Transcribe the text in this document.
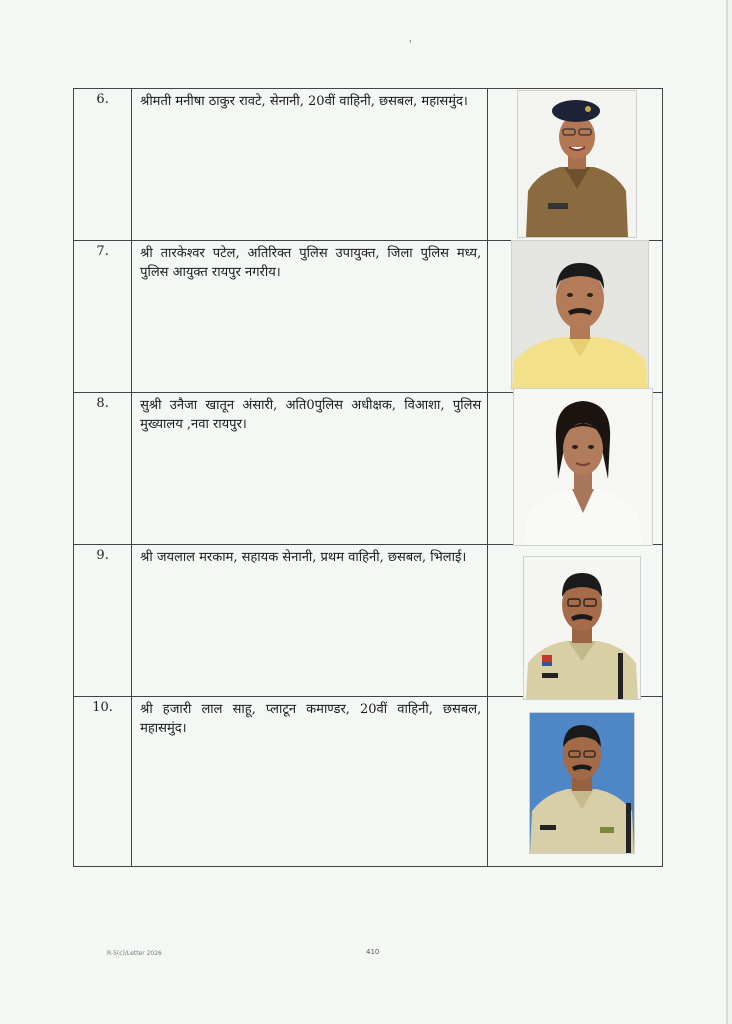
'
6.	श्रीमती मनीषा ठाकुर रावटे, सेनानी, 20वीं वाहिनी, छसबल, महासमुंद।	

7.	श्री तारकेश्वर पटेल, अतिरिक्त पुलिस उपायुक्त, जिला पुलिस मध्य, पुलिस आयुक्त रायपुर नगरीय।	

8.	सुश्री उनैजा खातून अंसारी, अति0पुलिस अधीक्षक, विआशा, पुलिस मुख्यालय ,नवा रायपुर।	

9.	श्री जयलाल मरकाम, सहायक सेनानी, प्रथम वाहिनी, छसबल, भिलाई।	

10.	श्री हजारी लाल साहू, प्लाटून कमाण्डर, 20वीं वाहिनी, छसबल, महासमुंद।	
R-5(c)/Letter 2026	410
